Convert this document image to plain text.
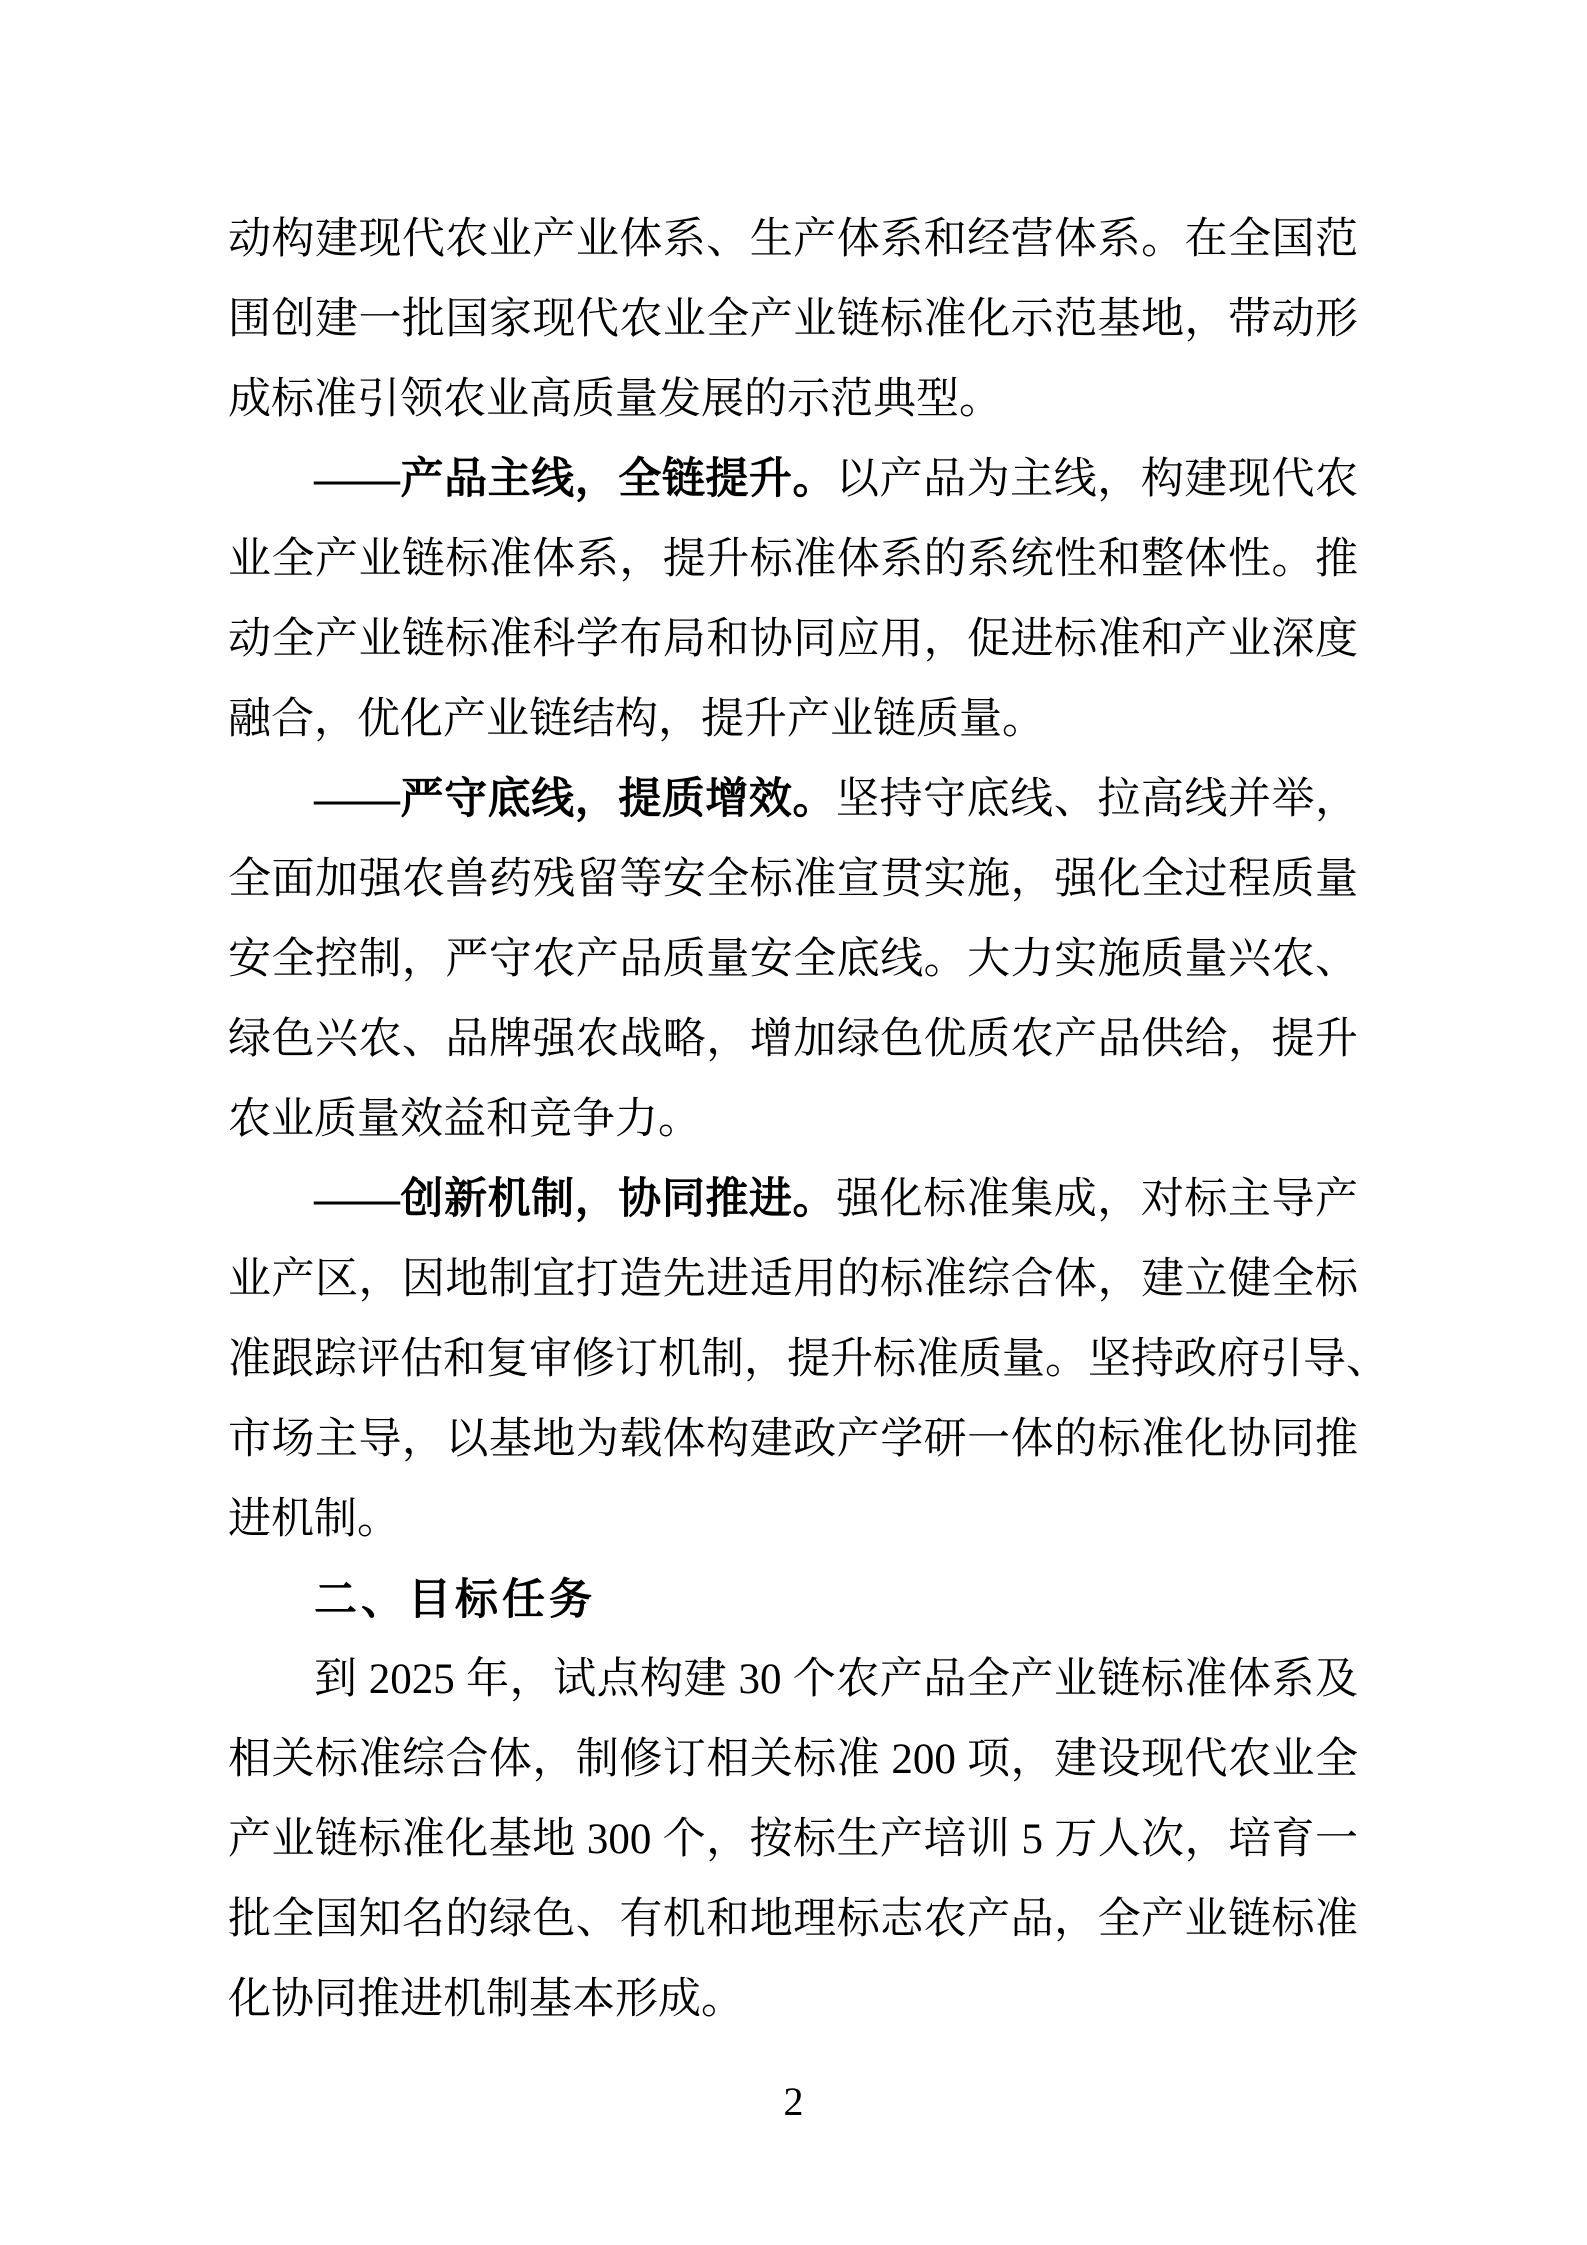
动构建现代农业产业体系、生产体系和经营体系。在全国范
围创建一批国家现代农业全产业链标准化示范基地，带动形
成标准引领农业高质量发展的示范典型。
——产品主线，全链提升。以产品为主线，构建现代农
业全产业链标准体系，提升标准体系的系统性和整体性。推
动全产业链标准科学布局和协同应用，促进标准和产业深度
融合，优化产业链结构，提升产业链质量。
——严守底线，提质增效。坚持守底线、拉高线并举，
全面加强农兽药残留等安全标准宣贯实施，强化全过程质量
安全控制，严守农产品质量安全底线。大力实施质量兴农、
绿色兴农、品牌强农战略，增加绿色优质农产品供给，提升
农业质量效益和竞争力。
——创新机制，协同推进。强化标准集成，对标主导产
业产区，因地制宜打造先进适用的标准综合体，建立健全标
准跟踪评估和复审修订机制，提升标准质量。坚持政府引导、
市场主导，以基地为载体构建政产学研一体的标准化协同推
进机制。
二、目标任务
到 2025 年，试点构建 30 个农产品全产业链标准体系及
相关标准综合体，制修订相关标准 200 项，建设现代农业全
产业链标准化基地 300 个，按标生产培训 5 万人次，培育一
批全国知名的绿色、有机和地理标志农产品，全产业链标准
化协同推进机制基本形成。
2
